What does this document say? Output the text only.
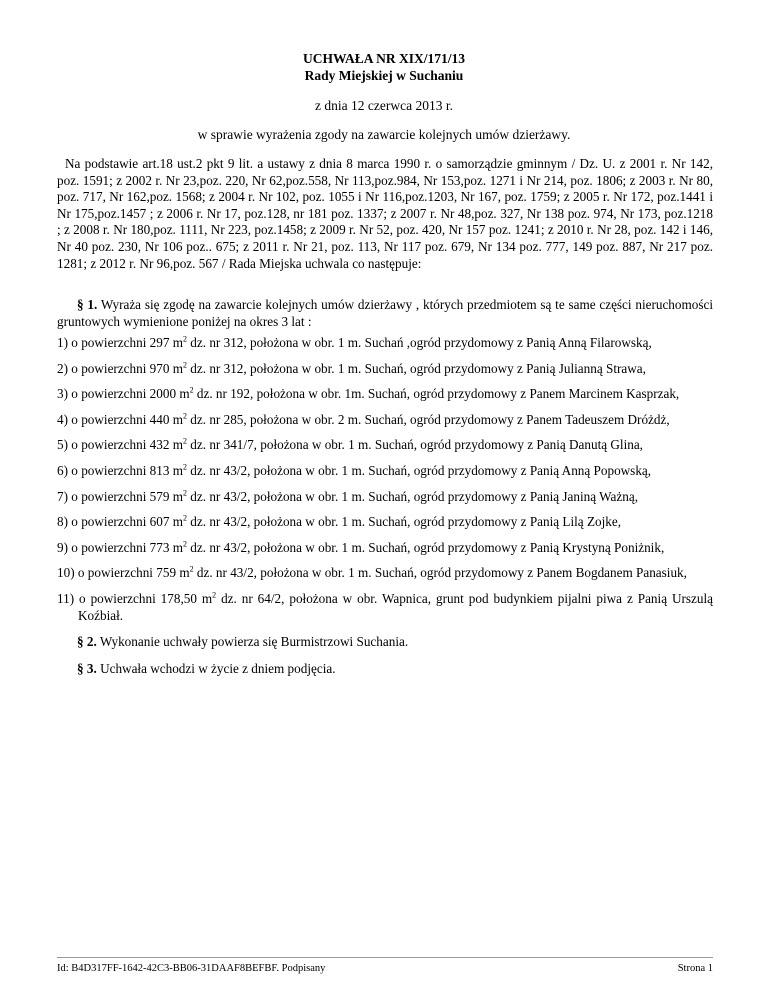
UCHWAŁA NR XIX/171/13
Rady Miejskiej w Suchaniu
z dnia 12 czerwca 2013 r.
w sprawie wyrażenia zgody na zawarcie kolejnych umów dzierżawy.
Na podstawie art.18 ust.2 pkt 9 lit. a ustawy z dnia 8 marca 1990 r. o samorządzie gminnym / Dz. U. z 2001 r. Nr 142, poz. 1591; z 2002 r. Nr 23,poz. 220, Nr 62,poz.558, Nr 113,poz.984, Nr 153,poz. 1271 i Nr 214, poz. 1806; z 2003 r. Nr 80, poz. 717, Nr 162,poz. 1568; z 2004 r. Nr 102, poz. 1055 i Nr 116,poz.1203, Nr 167, poz. 1759; z 2005 r. Nr 172, poz.1441 i Nr 175,poz.1457 ; z 2006 r. Nr 17, poz.128, nr 181 poz. 1337; z 2007 r. Nr 48,poz. 327, Nr 138 poz. 974, Nr 173, poz.1218 ; z 2008 r. Nr 180,poz. 1111, Nr 223, poz.1458; z 2009 r. Nr 52, poz. 420, Nr 157 poz. 1241; z 2010 r. Nr 28, poz. 142 i 146, Nr 40 poz. 230, Nr 106 poz.. 675; z 2011 r. Nr 21, poz. 113, Nr 117 poz. 679, Nr 134 poz. 777, 149 poz. 887, Nr 217 poz. 1281; z 2012 r. Nr 96,poz. 567 / Rada Miejska uchwala co następuje:
§ 1. Wyraża się zgodę na zawarcie kolejnych umów dzierżawy , których przedmiotem są te same części nieruchomości gruntowych wymienione poniżej na okres 3 lat :
1) o powierzchni 297 $m^2$ dz. nr 312, położona w obr. 1 m. Suchań ,ogród przydomowy z Panią Anną Filarowską,
2) o powierzchni 970 $m^2$ dz. nr 312, położona w obr. 1 m. Suchań, ogród przydomowy z Panią Julianną Strawa,
3) o powierzchni 2000 $m^2$ dz. nr 192, położona w obr. 1m. Suchań, ogród przydomowy z Panem Marcinem Kasprzak,
4) o powierzchni 440 $m^2$ dz. nr 285, położona w obr. 2 m. Suchań, ogród przydomowy z Panem Tadeuszem Dróżdż,
5) o powierzchni 432 $m^2$ dz. nr 341/7, położona w obr. 1 m. Suchań, ogród przydomowy z Panią Danutą Glina,
6) o powierzchni 813 $m^2$ dz. nr 43/2, położona w obr. 1 m. Suchań, ogród przydomowy z Panią Anną Popowską,
7) o powierzchni 579 $m^2$ dz. nr 43/2, położona w obr. 1 m. Suchań, ogród przydomowy z Panią Janiną Ważną,
8) o powierzchni 607 $m^2$ dz. nr 43/2, położona w obr. 1 m. Suchań, ogród przydomowy z Panią Lilą Zojke,
9) o powierzchni 773 $m^2$ dz. nr 43/2, położona w obr. 1 m. Suchań, ogród przydomowy z Panią Krystyną Poniżnik,
10) o powierzchni 759 $m^2$ dz. nr 43/2, położona w obr. 1 m. Suchań, ogród przydomowy z Panem Bogdanem Panasiuk,
11) o powierzchni 178,50 $m^2$ dz. nr 64/2, położona w obr. Wapnica, grunt pod budynkiem pijalni piwa z Panią Urszulą Koźbiał.
§ 2. Wykonanie uchwały powierza się Burmistrzowi Suchania.
§ 3. Uchwała wchodzi w życie z dniem podjęcia.
Id: B4D317FF-1642-42C3-BB06-31DAAF8BEFBF. Podpisany	Strona 1
